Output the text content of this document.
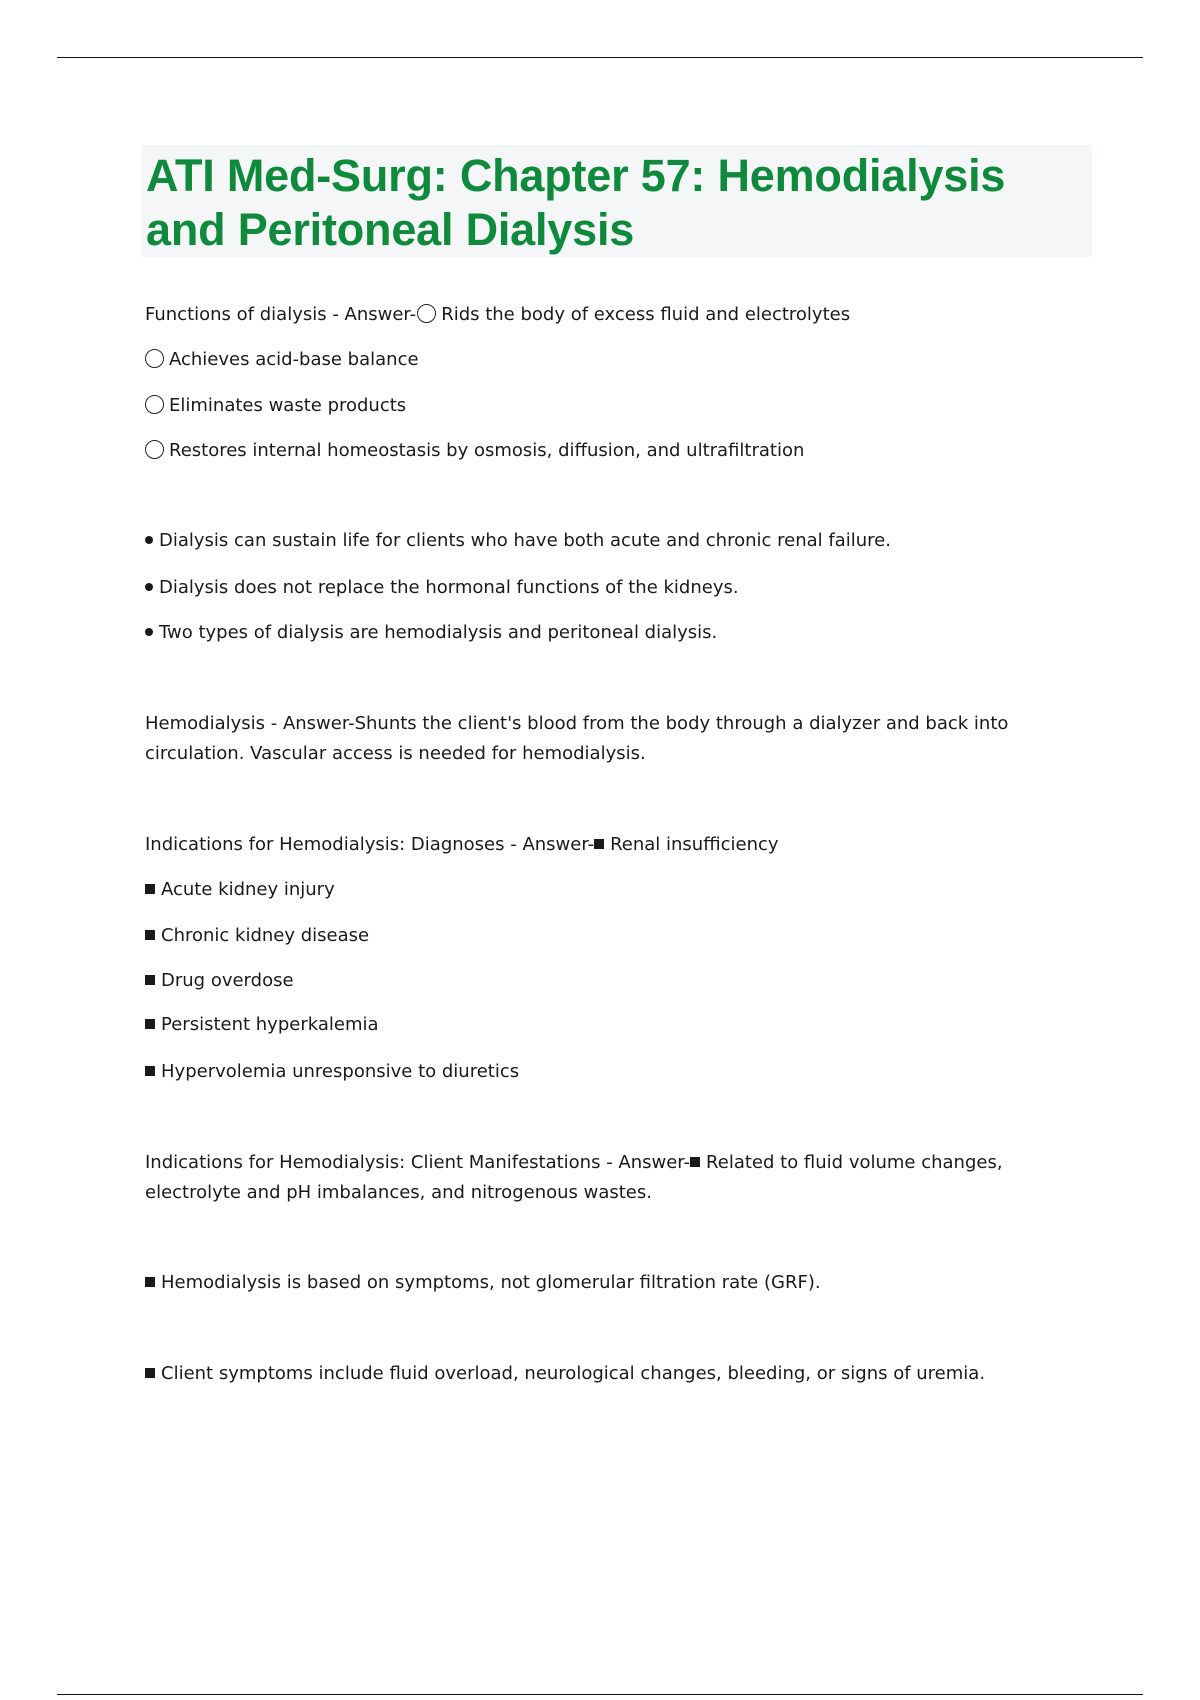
ATI Med-Surg: Chapter 57: Hemodialysis
and Peritoneal Dialysis
Functions of dialysis - Answer- Rids the body of excess fluid and electrolytes
Achieves acid-base balance
Eliminates waste products
Restores internal homeostasis by osmosis, diffusion, and ultrafiltration
Dialysis can sustain life for clients who have both acute and chronic renal failure.
Dialysis does not replace the hormonal functions of the kidneys.
Two types of dialysis are hemodialysis and peritoneal dialysis.
Hemodialysis - Answer-Shunts the client's blood from the body through a dialyzer and back into circulation. Vascular access is needed for hemodialysis.
Indications for Hemodialysis: Diagnoses - Answer- Renal insufficiency
Acute kidney injury
Chronic kidney disease
Drug overdose
Persistent hyperkalemia
Hypervolemia unresponsive to diuretics
Indications for Hemodialysis: Client Manifestations - Answer- Related to fluid volume changes, electrolyte and pH imbalances, and nitrogenous wastes.
Hemodialysis is based on symptoms, not glomerular filtration rate (GRF).
Client symptoms include fluid overload, neurological changes, bleeding, or signs of uremia.
